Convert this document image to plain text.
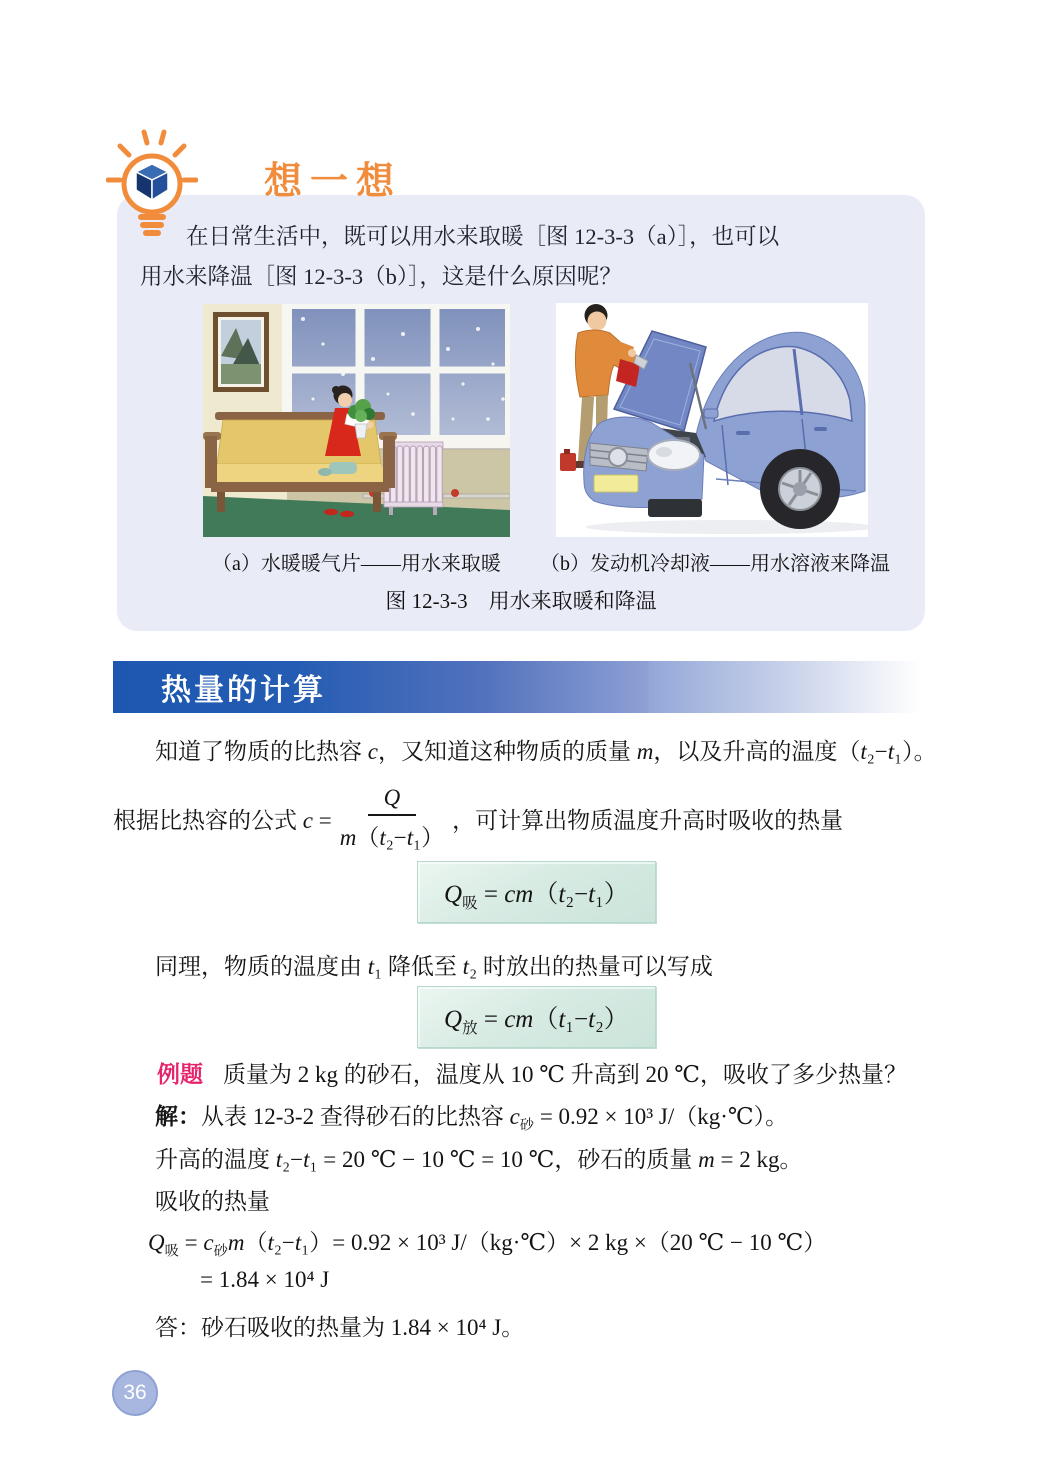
想一想
在日常生活中，既可以用水来取暖［图 12-3-3（a）］，也可以
用水来降温［图 12-3-3（b）］，这是什么原因呢？
（a）水暖暖气片——用水来取暖	（b）发动机冷却液——用水溶液来降温
图 12-3-3　用水来取暖和降温
热量的计算
知道了物质的比热容 c，又知道这种物质的质量 m，以及升高的温度（t₂−t₁）。
根据比热容的公式 $c = \frac{Q}{\text{m（t₂−t₁）}}$ ，可计算出物质温度升高时吸收的热量
$Q_吸 = cm(t_2-t_1)$
同理，物质的温度由 t₁ 降低至 t₂ 时放出的热量可以写成
$Q_放 = cm(t_1-t_2)$
例题 质量为 2 kg 的砂石，温度从 10 ℃ 升高到 20 ℃，吸收了多少热量？
解：从表 12-3-2 查得砂石的比热容 $c_砂 = 0.92 \times 10^3$ J/（kg·℃）。
升高的温度 t₂−t₁ = 20 ℃ − 10 ℃ = 10 ℃，砂石的质量 m = 2 kg。
吸收的热量
$Q_吸 = c_砂m(t_2-t_1)= 0.92 \times 10^3$ J/（kg·℃）× 2 kg ×（20 ℃ − 10 ℃）
= 1.84 × 10⁴ J
答：砂石吸收的热量为 1.84 × 10⁴ J。
36
